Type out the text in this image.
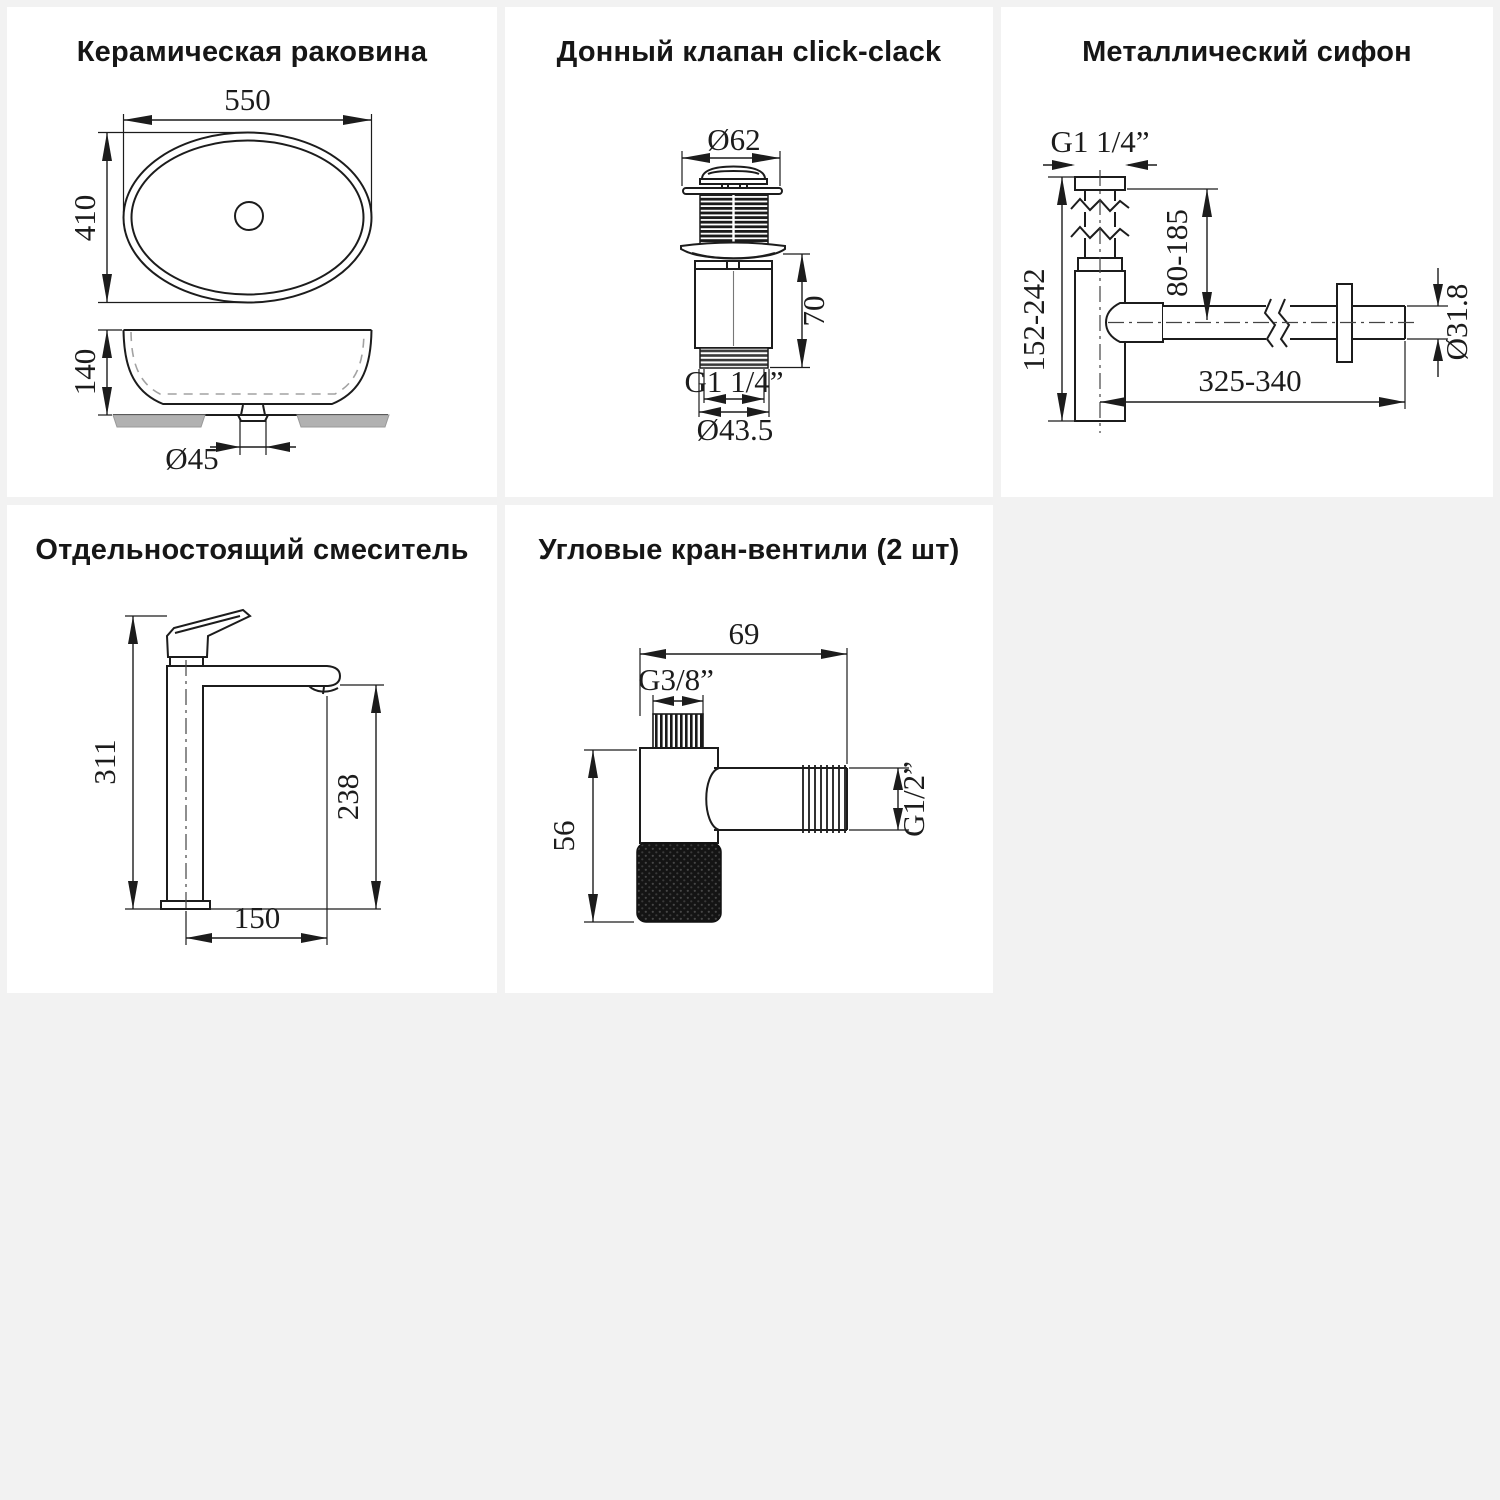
Керамическая раковина
550
410
140
Ø45
Донный клапан click-clack
Ø62
70
G1 1/4”
Ø43.5
Металлический сифон
G1 1/4”
152-242
80-185
Ø31.8
325-340
Отдельностоящий смеситель
311
238
150
Угловые кран-вентили (2 шт)
69
G3/8”
56	G1/2”
